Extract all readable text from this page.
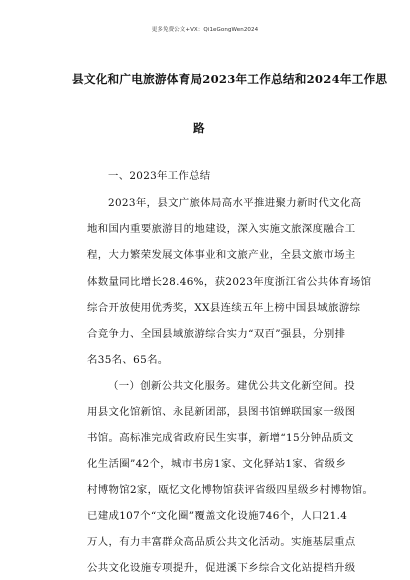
更多免费公文+VX：Qi1eGongWen2024
县文化和广电旅游体育局2023年工作总结和2024年工作思
路
一、2023年工作总结
2023年，县文广旅体局高水平推进聚力新时代文化高
地和国内重要旅游目的地建设，深入实施文旅深度融合工
程，大力繁荣发展文体事业和文旅产业，全县文旅市场主
体数量同比增长28.46%，获2023年度浙江省公共体育场馆
综合开放使用优秀奖，XX县连续五年上榜中国县域旅游综
合竞争力、全国县域旅游综合实力“双百”强县，分别排
名35名、65名。
（一）创新公共文化服务。建优公共文化新空间。投
用县文化馆新馆、永昆新团部，县图书馆蝉联国家一级图
书馆。高标准完成省政府民生实事，新增“15分钟品质文
化生活圈”42个，城市书房1家、文化驿站1家、省级乡
村博物馆2家，瓯忆文化博物馆获评省级四星级乡村博物馆。
已建成107个“文化圈”覆盖文化设施746个，人口21.4
万人，有力丰富群众高品质公共文化活动。实施基层重点
公共文化设施专项提升，促进溪下乡综合文化站提档升级
